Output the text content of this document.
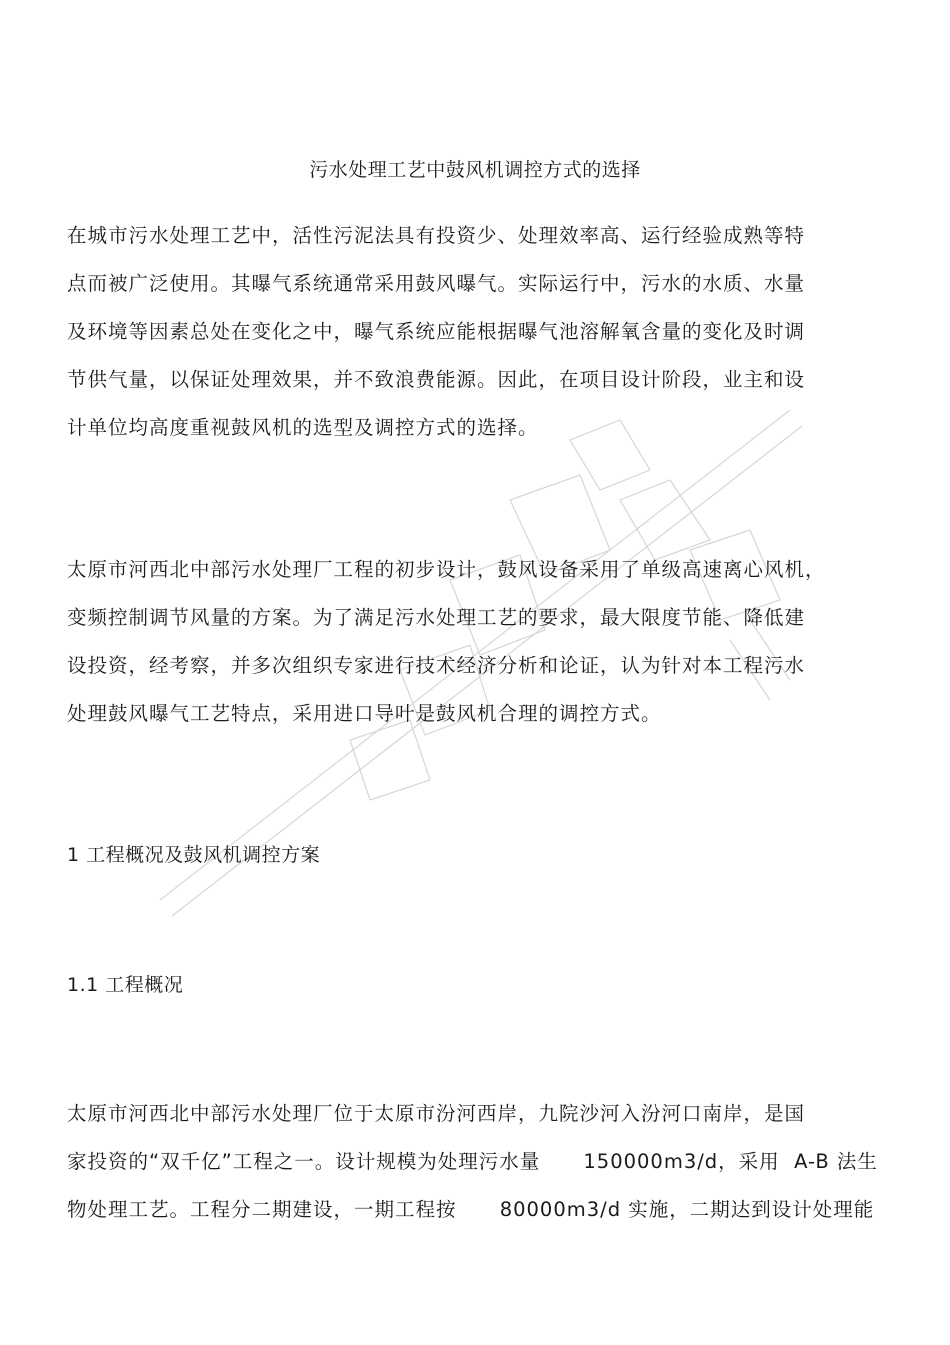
污水处理工艺中鼓风机调控方式的选择
在城市污水处理工艺中，活性污泥法具有投资少、处理效率高、运行经验成熟等特
点而被广泛使用。其曝气系统通常采用鼓风曝气。实际运行中，污水的水质、水量
及环境等因素总处在变化之中，曝气系统应能根据曝气池溶解氧含量的变化及时调
节供气量，以保证处理效果，并不致浪费能源。因此，在项目设计阶段，业主和设
计单位均高度重视鼓风机的选型及调控方式的选择。
太原市河西北中部污水处理厂工程的初步设计，鼓风设备采用了单级高速离心风机，
变频控制调节风量的方案。为了满足污水处理工艺的要求，最大限度节能、降低建
设投资，经考察，并多次组织专家进行技术经济分析和论证，认为针对本工程污水
处理鼓风曝气工艺特点，采用进口导叶是鼓风机合理的调控方式。
1 工程概况及鼓风机调控方案
1.1 工程概况
太原市河西北中部污水处理厂位于太原市汾河西岸，九院沙河入汾河口南岸，是国
家投资的“双千亿”工程之一。设计规模为处理污水量      150000m3/d，采用  A-B 法生
物处理工艺。工程分二期建设，一期工程按      80000m3/d 实施，二期达到设计处理能
